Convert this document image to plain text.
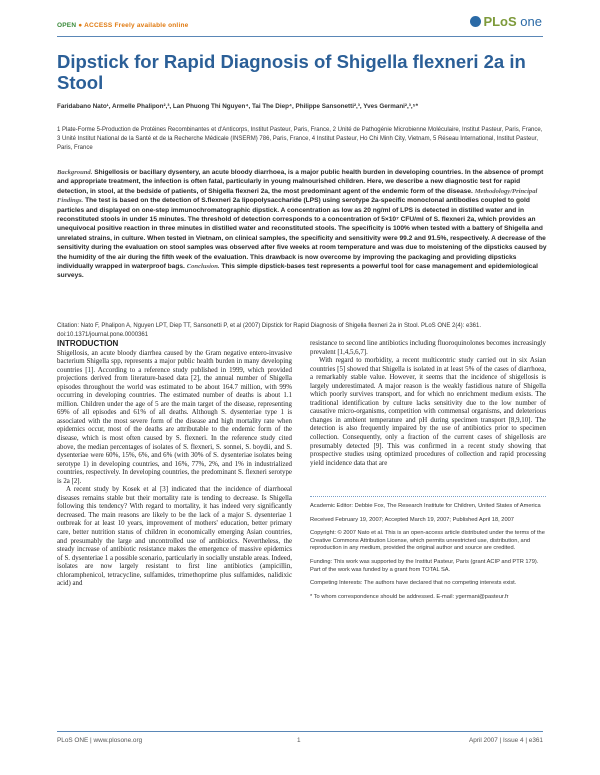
OPEN ● ACCESS Freely available online	PLoS one
Dipstick for Rapid Diagnosis of Shigella flexneri 2a in Stool
Faridabano Nato¹, Armelle Phalipon²,³, Lan Phuong Thi Nguyen⁴, Tai The Diep⁴, Philippe Sansonetti²,³, Yves Germani²,³,⁵*
1 Plate-Forme 5-Production de Protéines Recombinantes et d'Anticorps, Institut Pasteur, Paris, France, 2 Unité de Pathogénie Microbienne Moléculaire, Institut Pasteur, Paris, France, 3 Unité Institut National de la Santé et de la Recherche Médicale (INSERM) 786, Paris, France, 4 Institut Pasteur, Ho Chi Minh City, Vietnam, 5 Réseau International, Institut Pasteur, Paris, France
Background. Shigellosis or bacillary dysentery, an acute bloody diarrhoea, is a major public health burden in developing countries. In the absence of prompt and appropriate treatment, the infection is often fatal, particularly in young malnourished children. Here, we describe a new diagnostic test for rapid detection, in stool, at the bedside of patients, of Shigella flexneri 2a, the most predominant agent of the endemic form of the disease. Methodology/Principal Findings. The test is based on the detection of S.flexneri 2a lipopolysaccharide (LPS) using serotype 2a-specific monoclonal antibodies coupled to gold particles and displayed on one-step immunochromatographic dipstick. A concentration as low as 20 ng/ml of LPS is detected in distilled water and in reconstituted stools in under 15 minutes. The threshold of detection corresponds to a concentration of 5×10⁷ CFU/ml of S. flexneri 2a, which provides an unequivocal positive reaction in three minutes in distilled water and reconstituted stools. The specificity is 100% when tested with a battery of Shigella and unrelated strains, in culture. When tested in Vietnam, on clinical samples, the specificity and sensitivity were 99.2 and 91.5%, respectively. A decrease of the sensitivity during the evaluation on stool samples was observed after five weeks at room temperature and was due to moistening of the dipsticks caused by the humidity of the air during the fifth week of the evaluation. This drawback is now overcome by improving the packaging and providing dipsticks individually wrapped in waterproof bags. Conclusion. This simple dipstick-bases test represents a powerful tool for case management and epidemiological surveys.
Citation: Nato F, Phalipon A, Nguyen LPT, Diep TT, Sansonetti P, et al (2007) Dipstick for Rapid Diagnosis of Shigella flexneri 2a in Stool. PLoS ONE 2(4): e361. doi:10.1371/journal.pone.0000361
INTRODUCTION

Shigellosis, an acute bloody diarrhea caused by the Gram negative entero-invasive bacterium Shigella spp, represents a major public health burden in many developing countries [1]. According to a reference study published in 1999, which provided projections derived from literature-based data [2], the annual number of Shigella episodes throughout the world was estimated to be about 164.7 million, with 99% occurring in developing countries. The estimated number of deaths is about 1.1 million. Children under the age of 5 are the main target of the disease, representing 69% of all episodes and 61% of all deaths. Although S. dysenteriae type 1 is associated with the most severe form of the disease and high mortality rate when epidemics occur, most of the deaths are attributable to the endemic form of the disease, which is most often caused by S. flexneri. In the reference study cited above, the median percentages of isolates of S. flexneri, S. sonnei, S. boydii, and S. dysenteriae were 60%, 15%, 6%, and 6% (with 30% of S. dysenteriae isolates being serotype 1) in developing countries, and 16%, 77%, 2%, and 1% in industrialized countries, respectively. In developing countries, the predominant S. flexneri serotype is 2a [2].

A recent study by Kosek et al [3] indicated that the incidence of diarrhoeal diseases remains stable but their mortality rate is tending to decrease. Is Shigella following this tendency? With regard to mortality, it has indeed very significantly decreased. The main reasons are likely to be the lack of a major S. dysenteriae 1 outbreak for at least 10 years, improvement of mothers' education, better primary care, better nutrition status of children in economically emerging Asian countries, and presumably the large and uncontrolled use of antibiotics. Nevertheless, the steady increase of antibiotic resistance makes the emergence of massive epidemics of S. dysenteriae 1 a possible scenario, particularly in socially unstable areas. Indeed, isolates are now largely resistant to first line antibiotics (ampicillin, chloramphenicol, tetracycline, sulfamides, trimethoprime plus sulfamides, nalidixic acid) and

resistance to second line antibiotics including fluoroquinolones becomes increasingly prevalent [1,4,5,6,7].

With regard to morbidity, a recent multicentric study carried out in six Asian countries [5] showed that Shigella is isolated in at least 5% of the cases of diarrhoea, a remarkably stable value. However, it seems that the incidence of shigellosis is largely underestimated. A major reason is the weakly fastidious nature of Shigella which poorly survives transport, and for which no enrichment medium exists. The traditional identification by culture lacks sensitivity due to the low number of causative micro-organisms, competition with commensal organisms, and deleterious changes in ambient temperature and pH during specimen transport [8,9,10]. The detection is also frequently impaired by the use of antibiotics prior to specimen collection. Consequently, only a fraction of the current cases of shigellosis are presumably detected [9]. This was confirmed in a recent study showing that prospective studies using optimized procedures of collection and rapid processing yield incidence data that are

Academic Editor: Debbie Fox, The Research Institute for Children, United States of America
Received February 19, 2007; Accepted March 19, 2007; Published April 18, 2007
Copyright: © 2007 Nato et al. This is an open-access article distributed under the terms of the Creative Commons Attribution License, which permits unrestricted use, distribution, and reproduction in any medium, provided the original author and source are credited.
Funding: This work was supported by the Institut Pasteur, Paris (grant ACIP and PTR 179). Part of the work was funded by a grant from TOTAL SA.
Competing Interests: The authors have declared that no competing interests exist.
* To whom correspondence should be addressed. E-mail: ygermani@pasteur.fr
PLoS ONE | www.plosone.org	1	April 2007 | Issue 4 | e361
